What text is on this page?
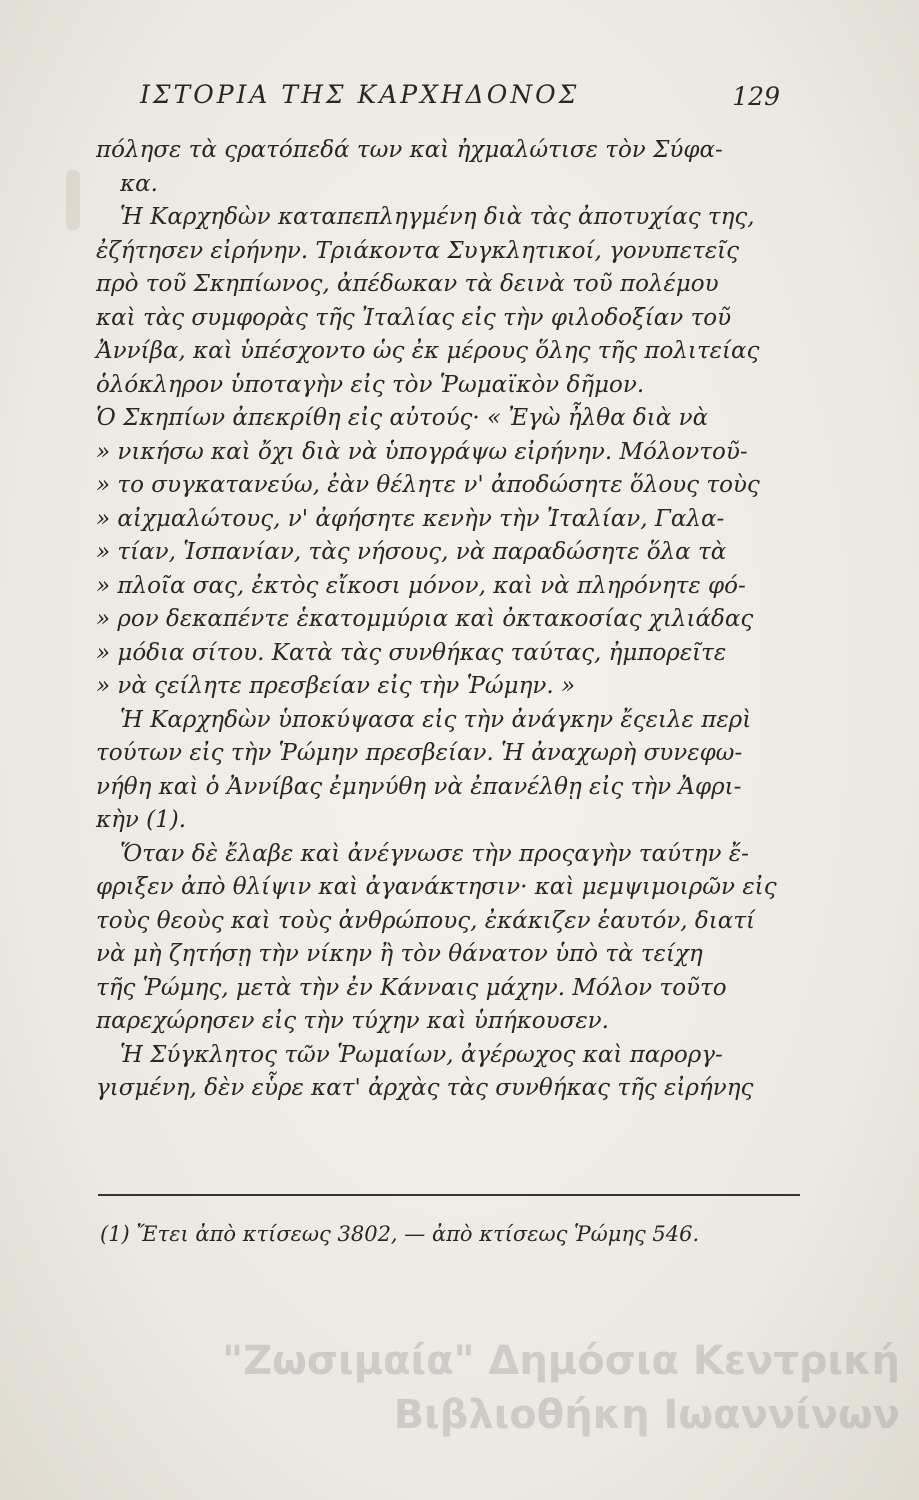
ΙΣΤΟΡΙΑ ΤΗΣ ΚΑΡΧΗΔΟΝΟΣ	129
πόλησε τὰ ςρατόπεδά των καὶ ἠχμαλώτισε τὸν Σύφα-
κα.
Ἡ Καρχηδὼν καταπεπληγμένη διὰ τὰς ἀποτυχίας της,
ἐζήτησεν εἰρήνην. Τριάκοντα Συγκλητικοί, γονυπετεῖς
πρὸ τοῦ Σκηπίωνος, ἀπέδωκαν τὰ δεινὰ τοῦ πολέμου
καὶ τὰς συμφορὰς τῆς Ἰταλίας εἰς τὴν φιλοδοξίαν τοῦ
Ἀννίβα, καὶ ὑπέσχοντο ὡς ἐκ μέρους ὅλης τῆς πολιτείας
ὁλόκληρον ὑποταγὴν εἰς τὸν Ῥωμαϊκὸν δῆμον.
Ὁ Σκηπίων ἀπεκρίθη εἰς αὐτούς· « Ἐγὼ ἦλθα διὰ νὰ
» νικήσω καὶ ὄχι διὰ νὰ ὑπογράψω εἰρήνην. Μόλοντοῦ-
» το συγκατανεύω, ἐὰν θέλητε ν' ἀποδώσητε ὅλους τοὺς
» αἰχμαλώτους, ν' ἀφήσητε κενὴν τὴν Ἰταλίαν, Γαλα-
» τίαν, Ἱσπανίαν, τὰς νήσους, νὰ παραδώσητε ὅλα τὰ
» πλοῖα σας, ἐκτὸς εἴκοσι μόνον, καὶ νὰ πληρόνητε φό-
» ρον δεκαπέντε ἑκατομμύρια καὶ ὀκτακοσίας χιλιάδας
» μόδια σίτου. Κατὰ τὰς συνθήκας ταύτας, ἠμπορεῖτε
» νὰ ςείλητε πρεσβείαν εἰς τὴν Ῥώμην. »
Ἡ Καρχηδὼν ὑποκύψασα εἰς τὴν ἀνάγκην ἔςειλε περὶ
τούτων εἰς τὴν Ῥώμην πρεσβείαν. Ἡ ἀναχωρὴ συνεφω-
νήθη καὶ ὁ Ἀννίβας ἐμηνύθη νὰ ἐπανέλθῃ εἰς τὴν Ἀφρι-
κὴν (1).
Ὅταν δὲ ἔλαβε καὶ ἀνέγνωσε τὴν προςαγὴν ταύτην ἔ-
φριξεν ἀπὸ θλίψιν καὶ ἀγανάκτησιν· καὶ μεμψιμοιρῶν εἰς
τοὺς θεοὺς καὶ τοὺς ἀνθρώπους, ἐκάκιζεν ἑαυτόν, διατί
νὰ μὴ ζητήσῃ τὴν νίκην ἢ τὸν θάνατον ὑπὸ τὰ τείχη
τῆς Ῥώμης, μετὰ τὴν ἐν Κάνναις μάχην. Μόλον τοῦτο
παρεχώρησεν εἰς τὴν τύχην καὶ ὑπήκουσεν.
Ἡ Σύγκλητος τῶν Ῥωμαίων, ἀγέρωχος καὶ παροργ-
γισμένη, δὲν εὗρε κατ' ἀρχὰς τὰς συνθήκας τῆς εἰρήνης
(1) Ἔτει ἀπὸ κτίσεως 3802, — ἀπὸ κτίσεως Ῥώμης 546.
"Ζωσιμαία" Δημόσια Κεντρική
Βιβλιοθήκη Ιωαννίνων
